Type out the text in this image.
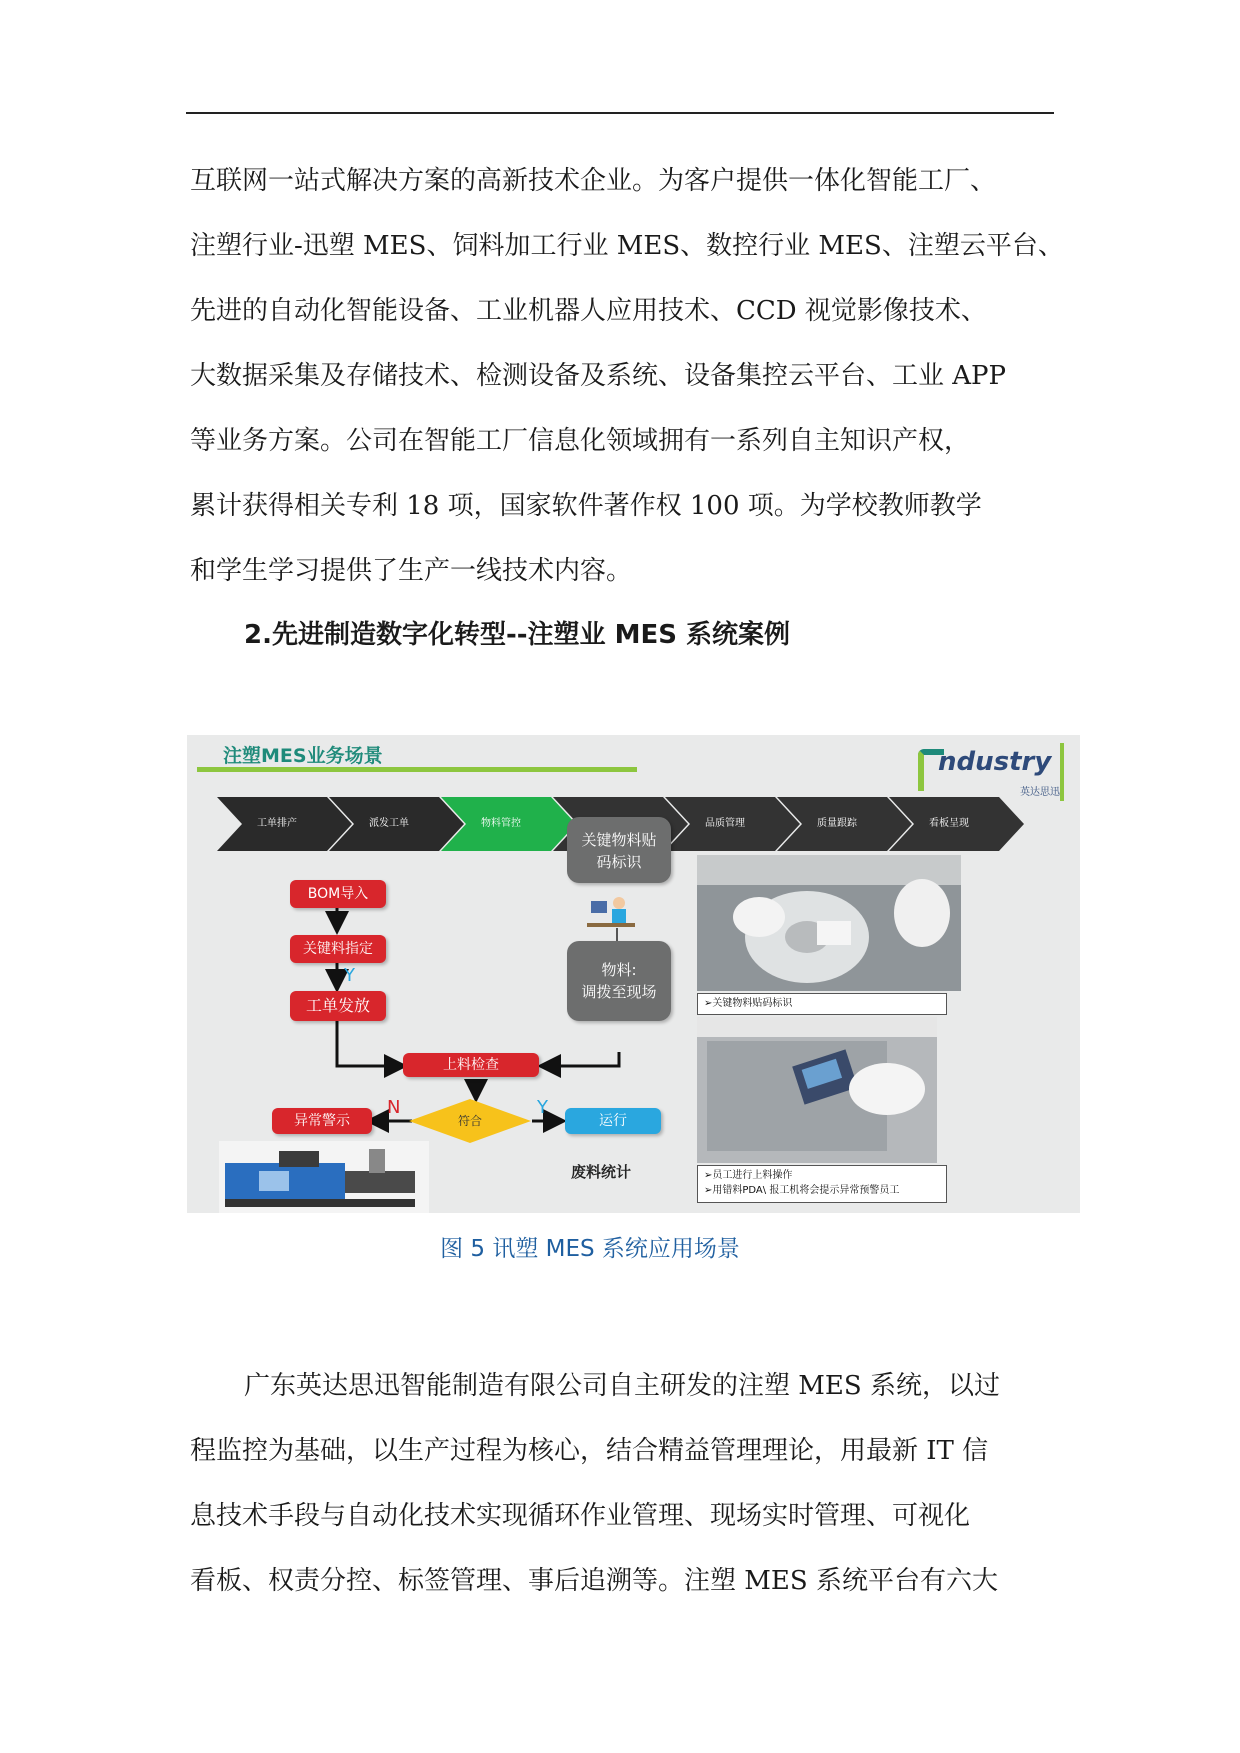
互联网一站式解决方案的高新技术企业。为客户提供一体化智能工厂、

注塑行业-迅塑 MES、饲料加工行业 MES、数控行业 MES、注塑云平台、

先进的自动化智能设备、工业机器人应用技术、CCD 视觉影像技术、

大数据采集及存储技术、检测设备及系统、设备集控云平台、工业 APP

等业务方案。公司在智能工厂信息化领域拥有一系列自主知识产权，

累计获得相关专利 18 项，国家软件著作权 100 项。为学校教师教学

和学生学习提供了生产一线技术内容。

2.先进制造数字化转型--注塑业 MES 系统案例
注塑MES业务场景	ndustry
英达思迅
工单排产	派发工单	物料管控	品质管理	质量跟踪	看板呈现
BOM导入
关键料指定
Y
工单发放
关键物料贴
码标识
物料:
调拨至现场
上料检查
符合
N	Y
异常警示	运行
废料统计
➢关键物料贴码标识
➢员工进行上料操作
➢用错料PDA\ 报工机将会提示异常预警员工
图 5 讯塑 MES 系统应用场景

广东英达思迅智能制造有限公司自主研发的注塑 MES 系统，以过

程监控为基础，以生产过程为核心，结合精益管理理论，用最新 IT 信

息技术手段与自动化技术实现循环作业管理、现场实时管理、可视化

看板、权责分控、标签管理、事后追溯等。注塑 MES 系统平台有六大
